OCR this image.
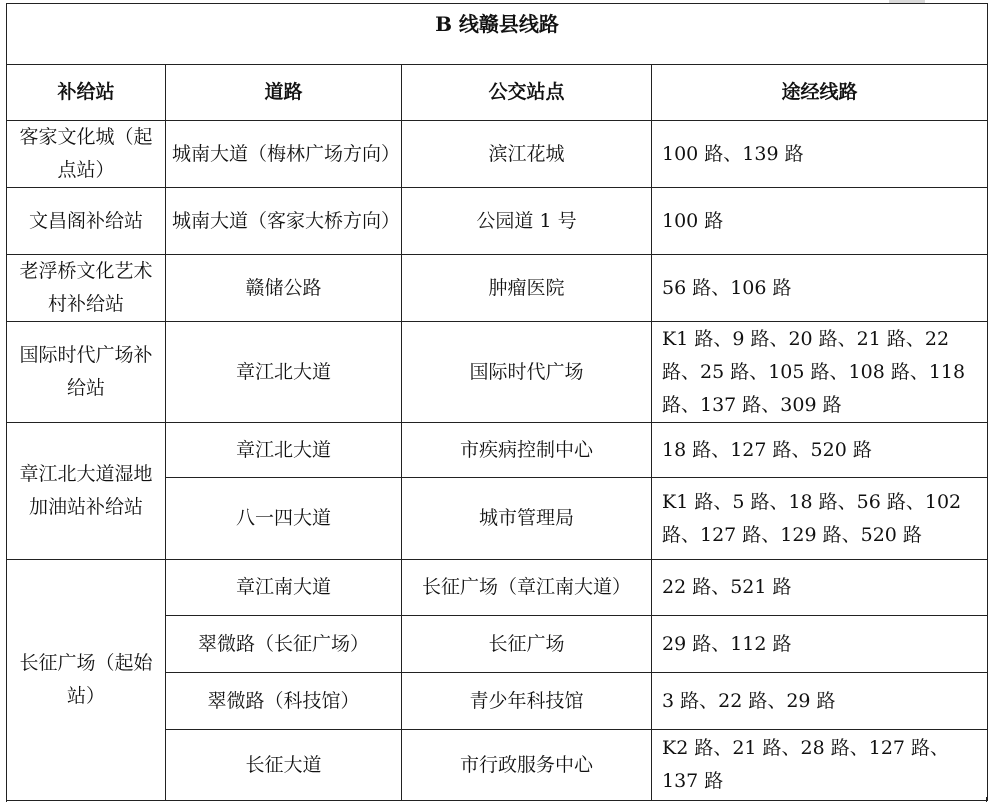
B 线赣县线路			
补给站	道路	公交站点	途经线路
客家文化城（起点站）	城南大道（梅林广场方向）	滨江花城	100 路、139 路
文昌阁补给站	城南大道（客家大桥方向）	公园道 1 号	100 路
老浮桥文化艺术村补给站	赣储公路	肿瘤医院	56 路、106 路
国际时代广场补给站	章江北大道	国际时代广场	K1 路、9 路、20 路、21 路、22 路、25 路、105 路、108 路、118 路、137 路、309 路
章江北大道湿地加油站补给站	章江北大道	市疾病控制中心	18 路、127 路、520 路
	八一四大道	城市管理局	K1 路、5 路、18 路、56 路、102 路、127 路、129 路、520 路
长征广场（起始站）	章江南大道	长征广场（章江南大道）	22 路、521 路
	翠微路（长征广场）	长征广场	29 路、112 路
	翠微路（科技馆）	青少年科技馆	3 路、22 路、29 路
	长征大道	市行政服务中心	K2 路、21 路、28 路、127 路、137 路
